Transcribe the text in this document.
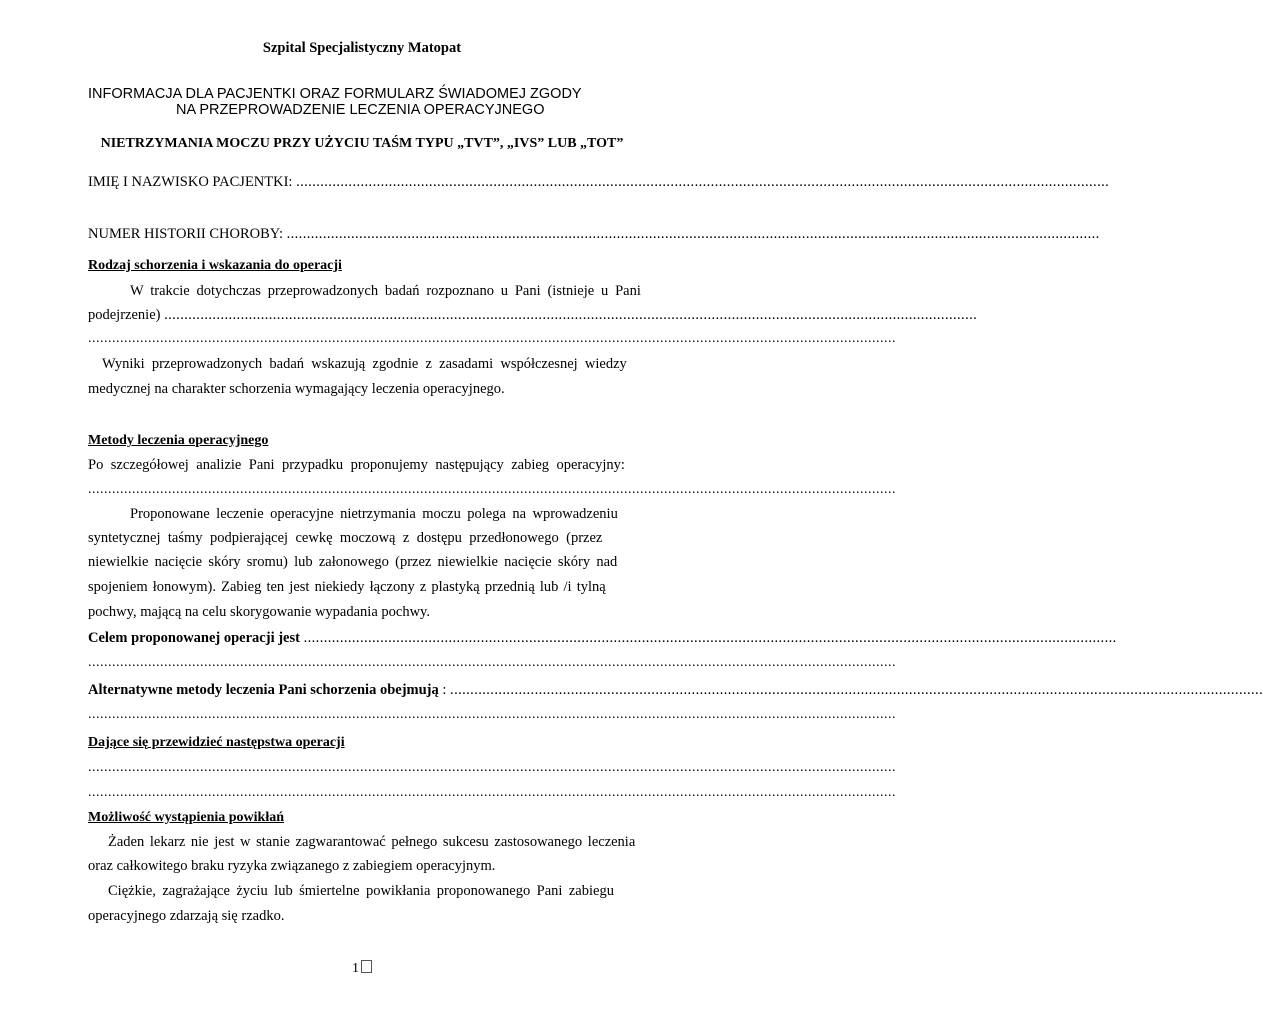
Szpital Specjalistyczny Matopat
INFORMACJA DLA PACJENTKI ORAZ FORMULARZ ŚWIADOMEJ ZGODY
NA PRZEPROWADZENIE LECZENIA OPERACYJNEGO
NIETRZYMANIA MOCZU PRZY UŻYCIU TAŚM TYPU „TVT”, „IVS” LUB „TOT”
IMIĘ I NAZWISKO PACJENTKI: ..........................................................................................................................................................................................................
NUMER HISTORII CHOROBY: ..........................................................................................................................................................................................................
Rodzaj schorzenia i wskazania do operacji
W trakcie dotychczas przeprowadzonych badań rozpoznano u Pani (istnieje u Pani
podejrzenie) ..........................................................................................................................................................................................................
..........................................................................................................................................................................................................
Wyniki przeprowadzonych badań wskazują zgodnie z zasadami współczesnej wiedzy
medycznej na charakter schorzenia wymagający leczenia operacyjnego.
Metody leczenia operacyjnego
Po szczegółowej analizie Pani przypadku proponujemy następujący zabieg operacyjny:
..........................................................................................................................................................................................................
Proponowane leczenie operacyjne nietrzymania moczu polega na wprowadzeniu
syntetycznej taśmy podpierającej cewkę moczową z dostępu przedłonowego (przez
niewielkie nacięcie skóry sromu) lub załonowego (przez niewielkie nacięcie skóry nad
spojeniem łonowym). Zabieg ten jest niekiedy łączony z plastyką przednią lub /i tylną
pochwy, mającą na celu skorygowanie wypadania pochwy.
Celem proponowanej operacji jest ..........................................................................................................................................................................................................
..........................................................................................................................................................................................................
Alternatywne metody leczenia Pani schorzenia obejmują : ..........................................................................................................................................................................................................
..........................................................................................................................................................................................................
Dające się przewidzieć następstwa operacji
..........................................................................................................................................................................................................
..........................................................................................................................................................................................................
Możliwość wystąpienia powikłań
Żaden lekarz nie jest w stanie zagwarantować pełnego sukcesu zastosowanego leczenia
oraz całkowitego braku ryzyka związanego z zabiegiem operacyjnym.
Ciężkie, zagrażające życiu lub śmiertelne powikłania proponowanego Pani zabiegu
operacyjnego zdarzają się rzadko.
1
